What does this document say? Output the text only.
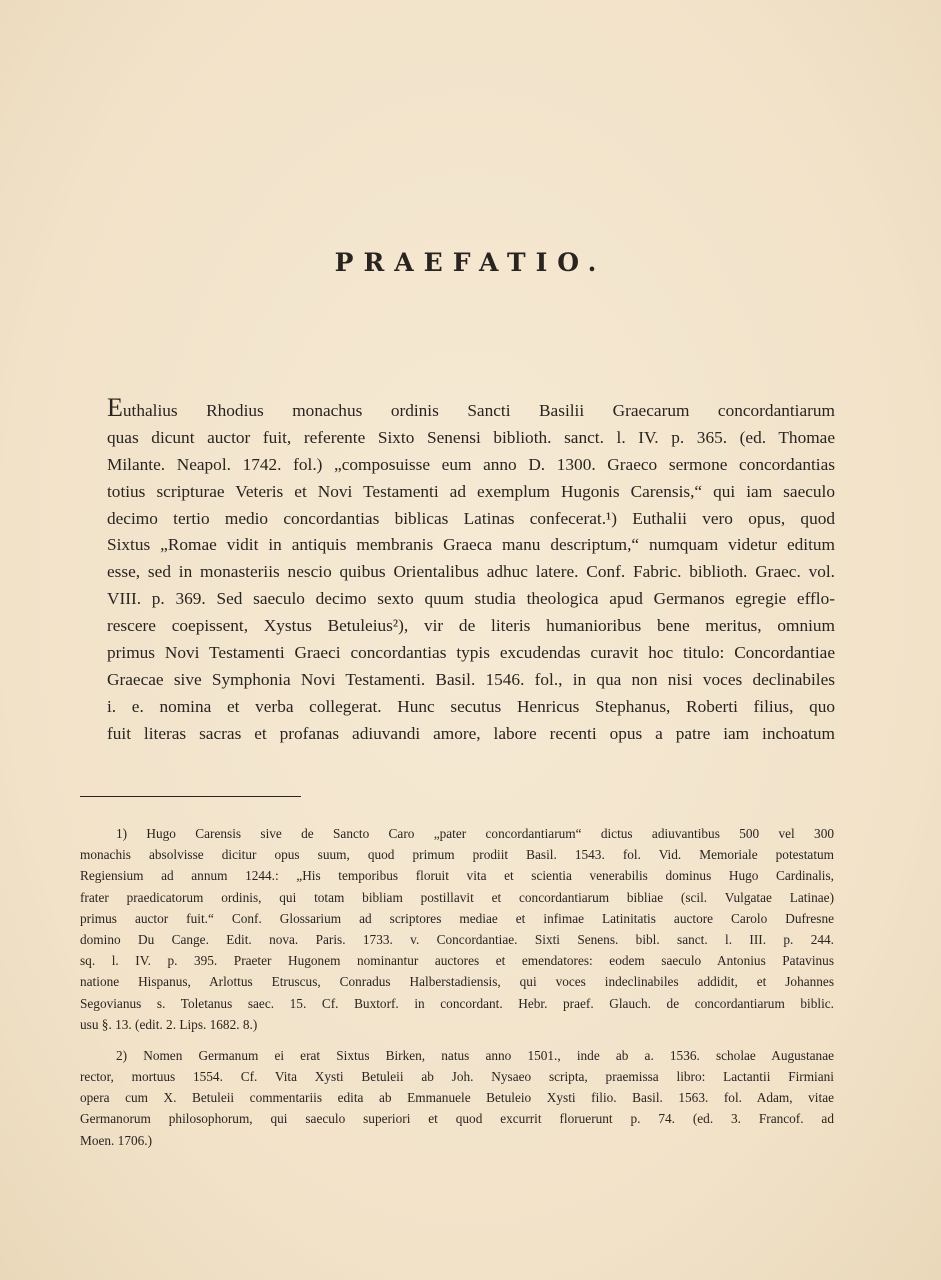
PRAEFATIO.
Euthalius Rhodius monachus ordinis Sancti Basilii Graecarum concordantiarum
quas dicunt auctor fuit, referente Sixto Senensi biblioth. sanct. l. IV. p. 365. (ed. Thomae
Milante. Neapol. 1742. fol.) „composuisse eum anno D. 1300. Graeco sermone concordantias
totius scripturae Veteris et Novi Testamenti ad exemplum Hugonis Carensis,“ qui iam saeculo
decimo tertio medio concordantias biblicas Latinas confecerat.¹) Euthalii vero opus, quod
Sixtus „Romae vidit in antiquis membranis Graeca manu descriptum,“ numquam videtur editum
esse, sed in monasteriis nescio quibus Orientalibus adhuc latere. Conf. Fabric. biblioth. Graec. vol.
VIII. p. 369. Sed saeculo decimo sexto quum studia theologica apud Germanos egregie efflo-
rescere coepissent, Xystus Betuleius²), vir de literis humanioribus bene meritus, omnium
primus Novi Testamenti Graeci concordantias typis excudendas curavit hoc titulo: Concordantiae
Graecae sive Symphonia Novi Testamenti. Basil. 1546. fol., in qua non nisi voces declinabiles
i. e. nomina et verba collegerat. Hunc secutus Henricus Stephanus, Roberti filius, quo
fuit literas sacras et profanas adiuvandi amore, labore recenti opus a patre iam inchoatum
1) Hugo Carensis sive de Sancto Caro „pater concordantiarum“ dictus adiuvantibus 500 vel 300
monachis absolvisse dicitur opus suum, quod primum prodiit Basil. 1543. fol. Vid. Memoriale potestatum
Regiensium ad annum 1244.: „His temporibus floruit vita et scientia venerabilis dominus Hugo Cardinalis,
frater praedicatorum ordinis, qui totam bibliam postillavit et concordantiarum bibliae (scil. Vulgatae Latinae)
primus auctor fuit.“ Conf. Glossarium ad scriptores mediae et infimae Latinitatis auctore Carolo Dufresne
domino Du Cange. Edit. nova. Paris. 1733. v. Concordantiae. Sixti Senens. bibl. sanct. l. III. p. 244.
sq. l. IV. p. 395. Praeter Hugonem nominantur auctores et emendatores: eodem saeculo Antonius Patavinus
natione Hispanus, Arlottus Etruscus, Conradus Halberstadiensis, qui voces indeclinabiles addidit, et Johannes
Segovianus s. Toletanus saec. 15. Cf. Buxtorf. in concordant. Hebr. praef. Glauch. de concordantiarum biblic.
usu §. 13. (edit. 2. Lips. 1682. 8.)
2) Nomen Germanum ei erat Sixtus Birken, natus anno 1501., inde ab a. 1536. scholae Augustanae
rector, mortuus 1554. Cf. Vita Xysti Betuleii ab Joh. Nysaeo scripta, praemissa libro: Lactantii Firmiani
opera cum X. Betuleii commentariis edita ab Emmanuele Betuleio Xysti filio. Basil. 1563. fol. Adam, vitae
Germanorum philosophorum, qui saeculo superiori et quod excurrit floruerunt p. 74. (ed. 3. Francof. ad
Moen. 1706.)
